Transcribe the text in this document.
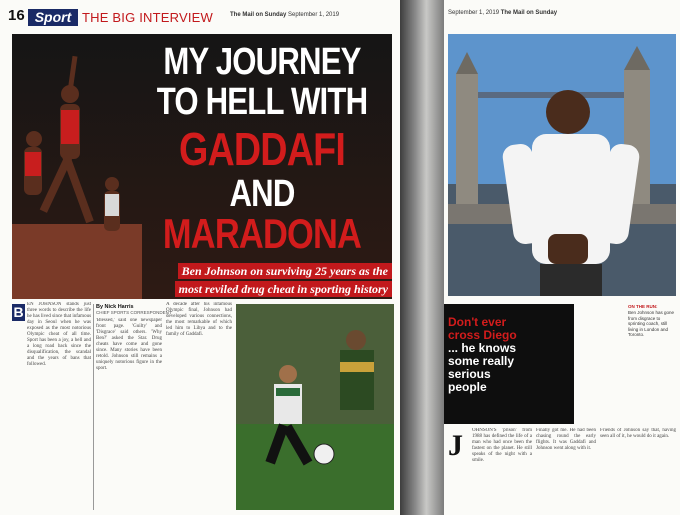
16 Sport THE BIG INTERVIEW	The Mail on Sunday September 1, 2019
MY JOURNEY
TO HELL WITH
GADDAFI
AND
MARADONA
Ben Johnson on surviving 25 years as the
most reviled drug cheat in sporting history
B EN JOHNSON stands just three words to describe the life he has lived since that infamous day in Seoul when he was exposed as the most notorious Olympic cheat of all time. Sport has been a joy, a hell and a long road back since the disqualification, the scandal and the years of bans that followed.
By Nick Harris
CHIEF SPORTS CORRESPONDENT
'Blessed,' said one newspaper front page. 'Guilty' and 'Disgrace' said others. 'Why Ben?' asked the Star. Drug cheats have come and gone since. Many stories have been retold. Johnson still remains a uniquely notorious figure in the sport.
A decade after his infamous Olympic final, Johnson had developed various connections, the most remarkable of which led him to Libya and to the family of Gaddafi.
September 1, 2019 The Mail on Sunday
Don't ever
cross Diego
... he knows
some really
serious
people
ON THE RUN:
Ben Johnson has gone from disgrace to sprinting coach, still living in London and Toronto.
J	OHNSON'S 'prison' from 1988 has defined the life of a man who had once been the fastest on the planet. He still speaks of the night with a smile.
Finally got me. He had been chasing round the early flights. It was Gaddafi and Johnson went along with it.
Friends of Johnson say that, having seen all of it, he would do it again.
